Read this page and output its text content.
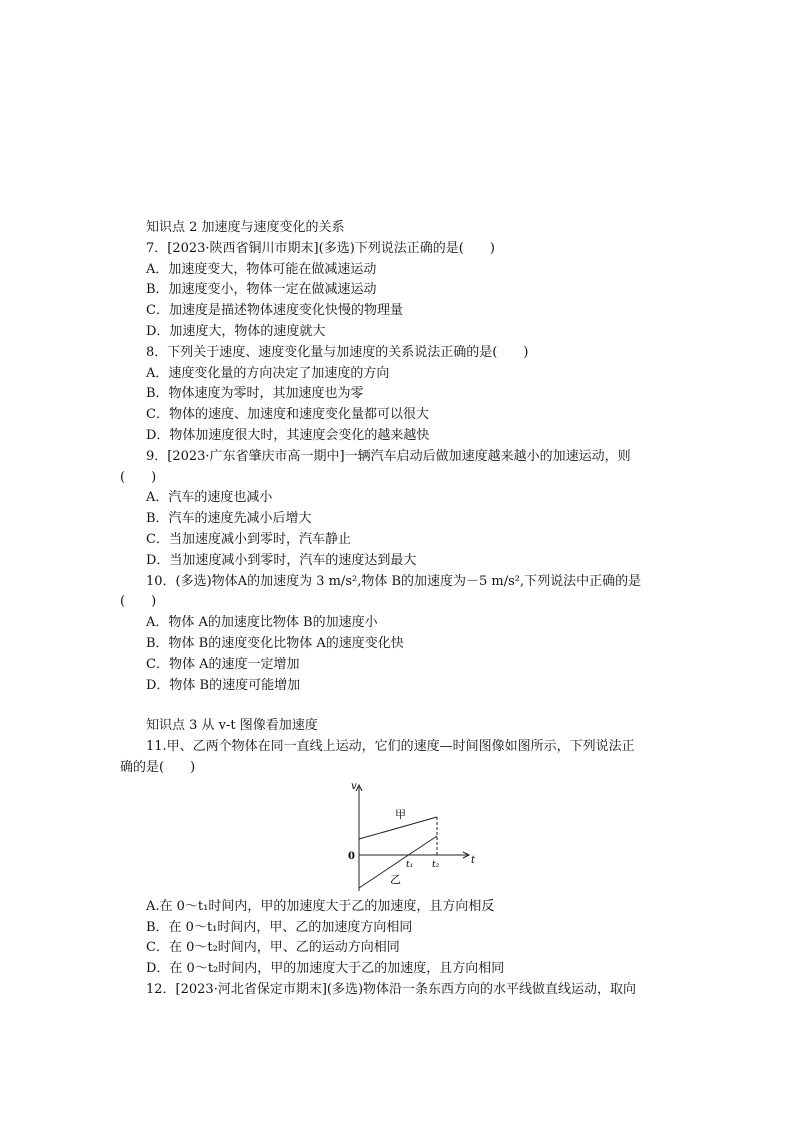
知识点 2 加速度与速度变化的关系
7．[2023·陕西省铜川市期末](多选)下列说法正确的是(　　)
A．加速度变大，物体可能在做减速运动
B．加速度变小，物体一定在做减速运动
C．加速度是描述物体速度变化快慢的物理量
D．加速度大，物体的速度就大
8．下列关于速度、速度变化量与加速度的关系说法正确的是(　　)
A．速度变化量的方向决定了加速度的方向
B．物体速度为零时，其加速度也为零
C．物体的速度、加速度和速度变化量都可以很大
D．物体加速度很大时，其速度会变化的越来越快
9．[2023·广东省肇庆市高一期中]一辆汽车启动后做加速度越来越小的加速运动，则
(　　)
A．汽车的速度也减小
B．汽车的速度先减小后增大
C．当加速度减小到零时，汽车静止
D．当加速度减小到零时，汽车的速度达到最大
10．(多选)物体A的加速度为 3 m/s²,物体 B的加速度为－5 m/s²,下列说法中正确的是
(　　)
A．物体 A的加速度比物体 B的加速度小
B．物体 B的速度变化比物体 A的速度变化快
C．物体 A的速度一定增加
D．物体 B的速度可能增加
知识点 3 从 v-t 图像看加速度
11.甲、乙两个物体在同一直线上运动，它们的速度—时间图像如图所示，下列说法正
确的是(　　)
v
t
0
t₁ t₂
甲
乙
A.在 0～t₁时间内，甲的加速度大于乙的加速度，且方向相反
B．在 0～t₁时间内，甲、乙的加速度方向相同
C．在 0～t₂时间内，甲、乙的运动方向相同
D．在 0～t₂时间内，甲的加速度大于乙的加速度，且方向相同
12．[2023·河北省保定市期末](多选)物体沿一条东西方向的水平线做直线运动，取向
